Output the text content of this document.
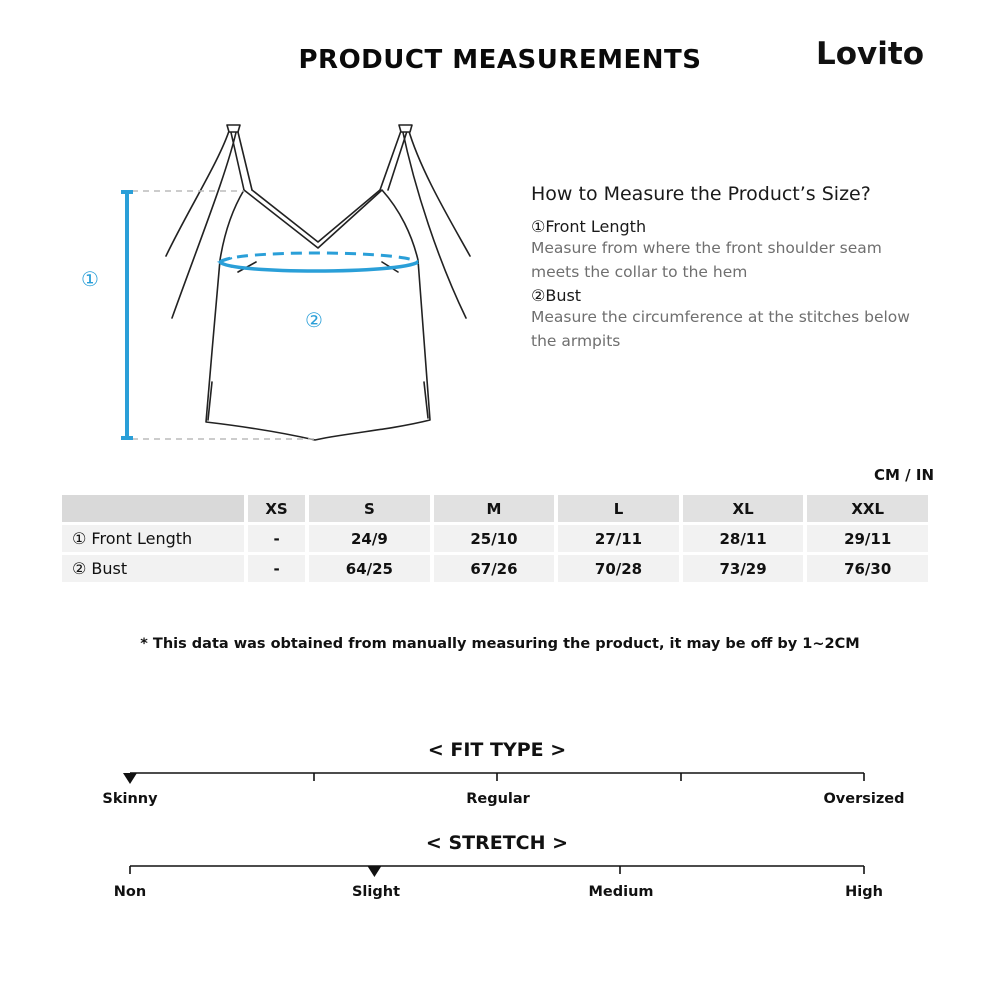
PRODUCT MEASUREMENTS	Lovito
①
②
How to Measure the Product’s Size?
①Front Length
Measure from where the front shoulder seam meets the collar to the hem
②Bust
Measure the circumference at the stitches below the armpits
CM / IN
	XS	S	M	L	XL	XXL
① Front Length	-	24/9	25/10	27/11	28/11	29/11
② Bust	-	64/25	67/26	70/28	73/29	76/30
* This data was obtained from manually measuring the product, it may be off by 1~2CM
< FIT TYPE >
Skinny	Regular	Oversized
< STRETCH >
Non	Slight	Medium	High
